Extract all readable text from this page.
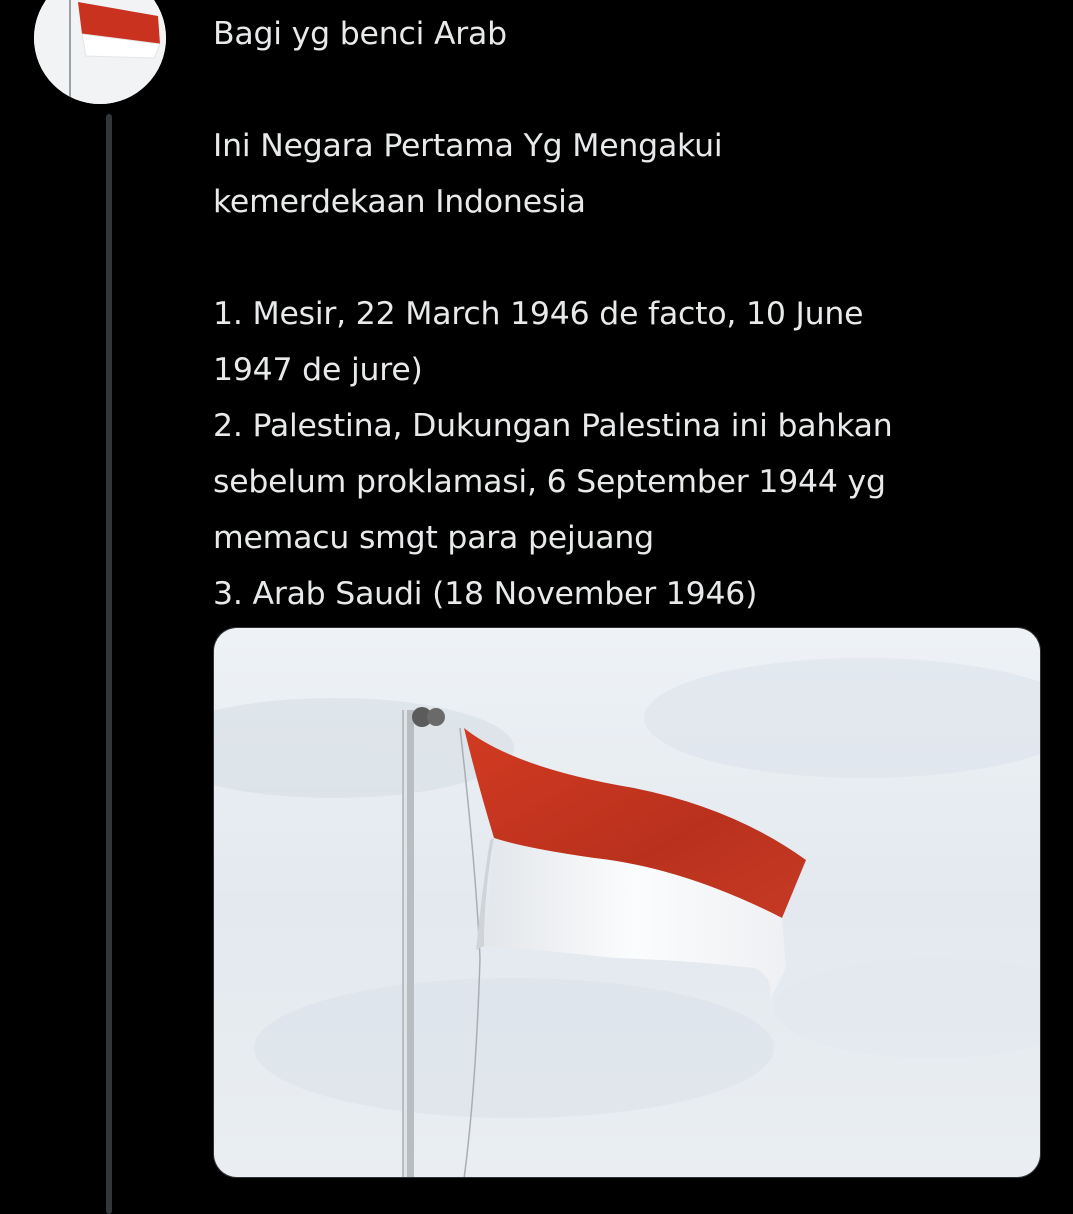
Bagi yg benci Arab

Ini Negara Pertama Yg Mengakui

kemerdekaan Indonesia

1. Mesir, 22 March 1946 de facto, 10 June

1947 de jure)

2. Palestina, Dukungan Palestina ini bahkan

sebelum proklamasi, 6 September 1944 yg

memacu smgt para pejuang

3. Arab Saudi (18 November 1946)
